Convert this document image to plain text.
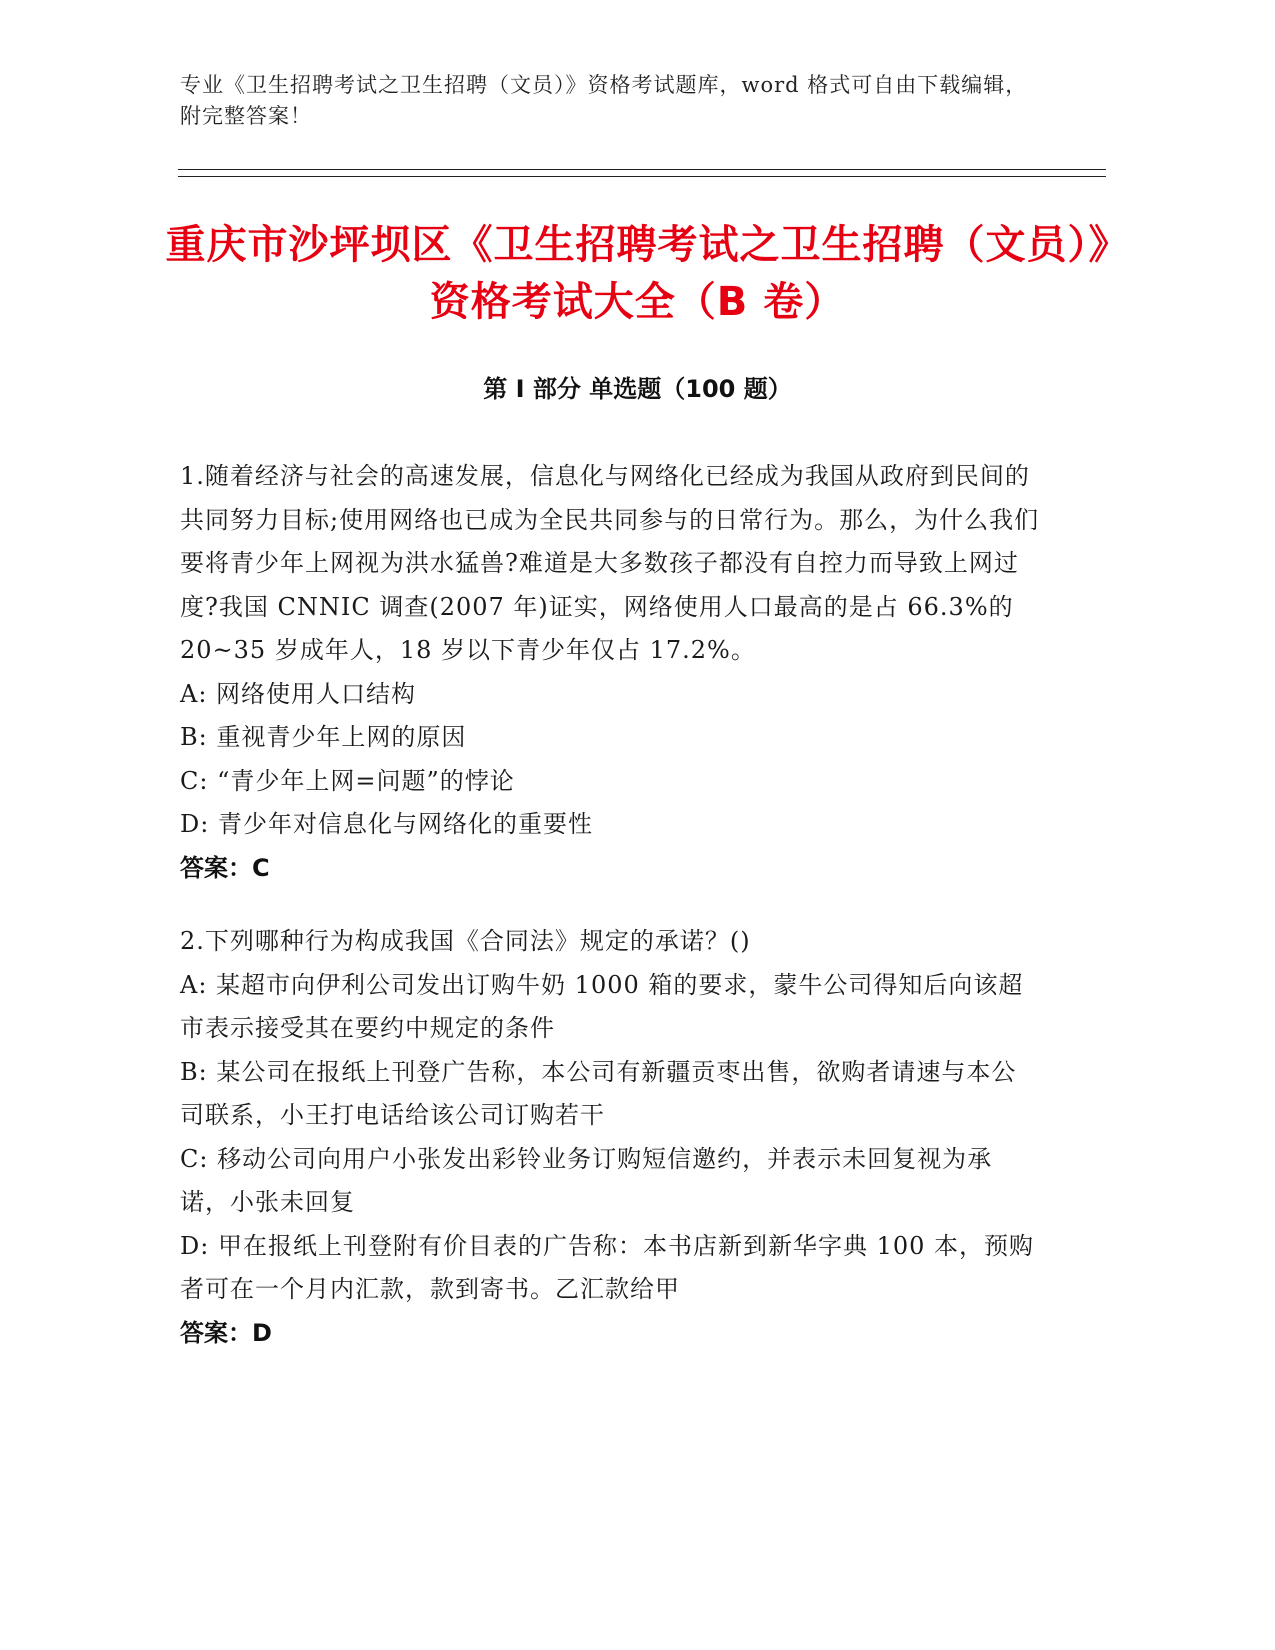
专业《卫生招聘考试之卫生招聘（文员）》资格考试题库，word 格式可自由下载编辑，附完整答案！
重庆市沙坪坝区《卫生招聘考试之卫生招聘（文员）》资格考试大全（B 卷）
第 I 部分 单选题（100 题）
1.随着经济与社会的高速发展，信息化与网络化已经成为我国从政府到民间的共同努力目标;使用网络也已成为全民共同参与的日常行为。那么，为什么我们要将青少年上网视为洪水猛兽?难道是大多数孩子都没有自控力而导致上网过度?我国 CNNIC 调查(2007 年)证实，网络使用人口最高的是占 66.3%的 20~35 岁成年人，18 岁以下青少年仅占 17.2%。
A: 网络使用人口结构
B: 重视青少年上网的原因
C: “青少年上网=问题”的悖论
D: 青少年对信息化与网络化的重要性
答案：C
2.下列哪种行为构成我国《合同法》规定的承诺？()
A: 某超市向伊利公司发出订购牛奶 1000 箱的要求，蒙牛公司得知后向该超市表示接受其在要约中规定的条件
B: 某公司在报纸上刊登广告称，本公司有新疆贡枣出售，欲购者请速与本公司联系，小王打电话给该公司订购若干
C: 移动公司向用户小张发出彩铃业务订购短信邀约，并表示未回复视为承诺，小张未回复
D: 甲在报纸上刊登附有价目表的广告称：本书店新到新华字典 100 本，预购者可在一个月内汇款，款到寄书。乙汇款给甲
答案：D
